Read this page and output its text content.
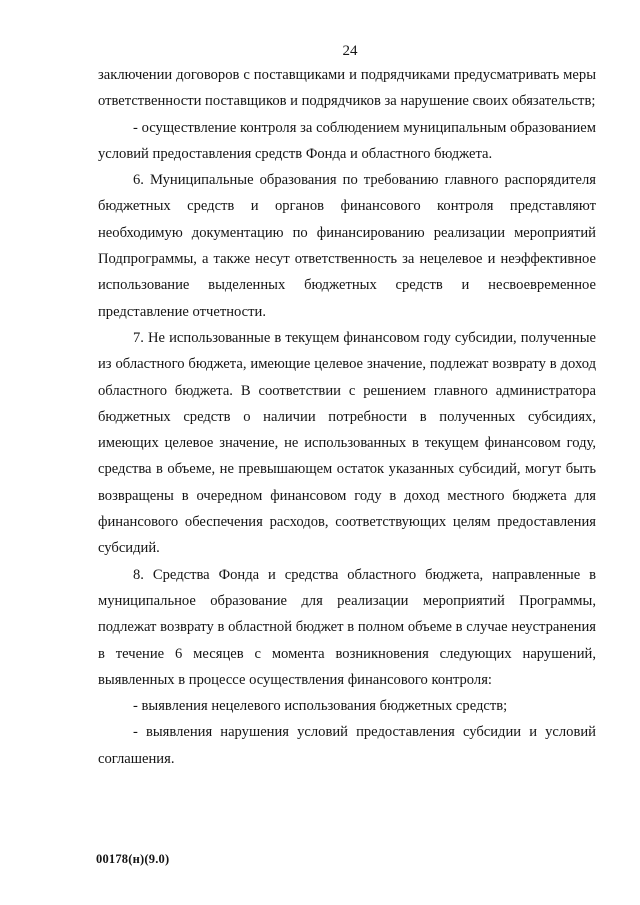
24

заключении договоров с поставщиками и подрядчиками предусматривать меры ответственности поставщиков и подрядчиков за нарушение своих обязательств;

- осуществление контроля за соблюдением муниципальным образованием условий предоставления средств Фонда и областного бюджета.

6. Муниципальные образования по требованию главного распорядителя бюджетных средств и органов финансового контроля представляют необходимую документацию по финансированию реализации мероприятий Подпрограммы, а также несут ответственность за нецелевое и неэффективное использование выделенных бюджетных средств и несвоевременное представление отчетности.

7. Не использованные в текущем финансовом году субсидии, полученные из областного бюджета, имеющие целевое значение, подлежат возврату в доход областного бюджета. В соответствии с решением главного администратора бюджетных средств о наличии потребности в полученных субсидиях, имеющих целевое значение, не использованных в текущем финансовом году, средства в объеме, не превышающем остаток указанных субсидий, могут быть возвращены в очередном финансовом году в доход местного бюджета для финансового обеспечения расходов, соответствующих целям предоставления субсидий.

8. Средства Фонда и средства областного бюджета, направленные в муниципальное образование для реализации мероприятий Программы, подлежат возврату в областной бюджет в полном объеме в случае неустранения в течение 6 месяцев с момента возникновения следующих нарушений, выявленных в процессе осуществления финансового контроля:

- выявления нецелевого использования бюджетных средств;

- выявления нарушения условий предоставления субсидии и условий соглашения.

00178(н)(9.0)
